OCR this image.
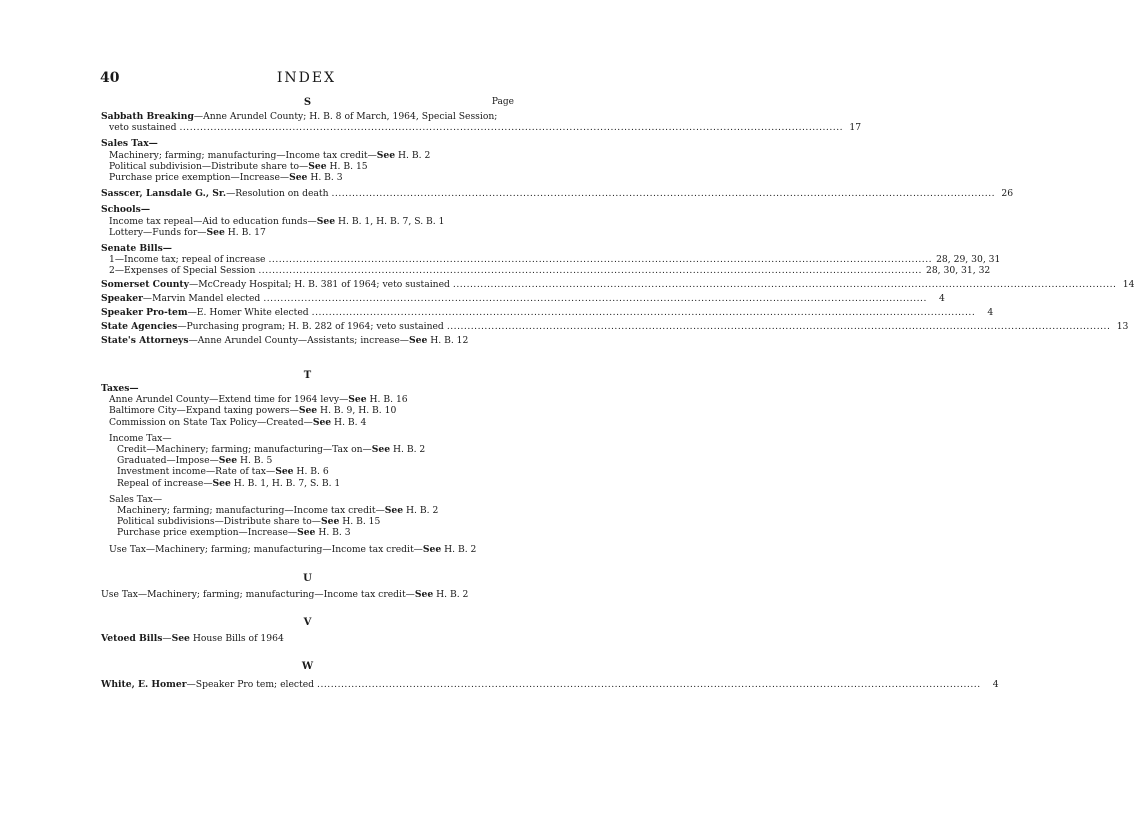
40	INDEX
S	Page
Sabbath Breaking—Anne Arundel County; H. B. 8 of March, 1964, Special Session;
veto sustained .................................................................................................................................................................................................. 17
Sales Tax—
Machinery; farming; manufacturing—Income tax credit—See H. B. 2
Political subdivision—Distribute share to—See H. B. 15
Purchase price exemption—Increase—See H. B. 3
Sasscer, Lansdale G., Sr.—Resolution on death .................................................................................................................................................................................................. 26
Schools—
Income tax repeal—Aid to education funds—See H. B. 1, H. B. 7, S. B. 1
Lottery—Funds for—See H. B. 17
Senate Bills—
1—Income tax; repeal of increase .................................................................................................................................................................................................. 28, 29, 30, 31
2—Expenses of Special Session .................................................................................................................................................................................................. 28, 30, 31, 32
Somerset County—McCready Hospital; H. B. 381 of 1964; veto sustained .................................................................................................................................................................................................. 14
Speaker—Marvin Mandel elected ..................................................................................................................................................................................................	4
Speaker Pro-tem—E. Homer White elected ..................................................................................................................................................................................................	4
State Agencies—Purchasing program; H. B. 282 of 1964; veto sustained .................................................................................................................................................................................................. 13
State's Attorneys—Anne Arundel County—Assistants; increase—See H. B. 12
T
Taxes—
Anne Arundel County—Extend time for 1964 levy—See H. B. 16
Baltimore City—Expand taxing powers—See H. B. 9, H. B. 10
Commission on State Tax Policy—Created—See H. B. 4
Income Tax—
Credit—Machinery; farming; manufacturing—Tax on—See H. B. 2
Graduated—Impose—See H. B. 5
Investment income—Rate of tax—See H. B. 6
Repeal of increase—See H. B. 1, H. B. 7, S. B. 1
Sales Tax—
Machinery; farming; manufacturing—Income tax credit—See H. B. 2
Political subdivisions—Distribute share to—See H. B. 15
Purchase price exemption—Increase—See H. B. 3
Use Tax—Machinery; farming; manufacturing—Income tax credit—See H. B. 2
U
Use Tax—Machinery; farming; manufacturing—Income tax credit—See H. B. 2
V
Vetoed Bills—See House Bills of 1964
W
White, E. Homer—Speaker Pro tem; elected ..................................................................................................................................................................................................	4
